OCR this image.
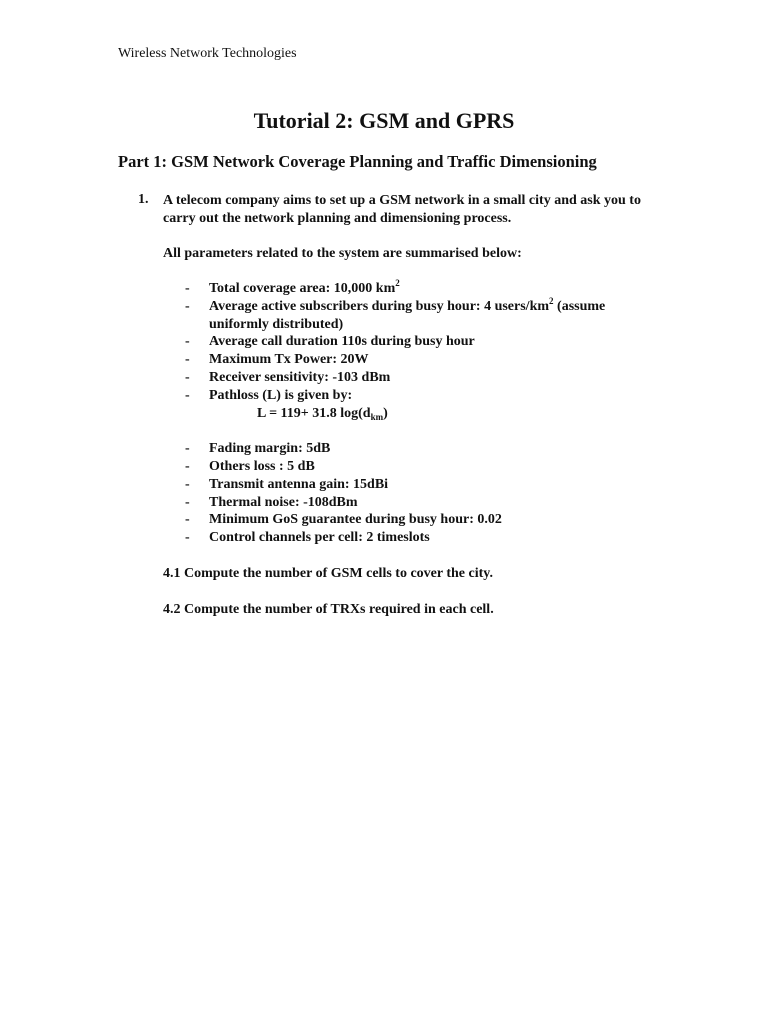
Wireless Network Technologies
Tutorial 2: GSM and GPRS
Part 1: GSM Network Coverage Planning and Traffic Dimensioning
1. A telecom company aims to set up a GSM network in a small city and ask you to carry out the network planning and dimensioning process.
All parameters related to the system are summarised below:
- Total coverage area: 10,000 $km^2$
- Average active subscribers during busy hour: 4 users/$km^2$ (assume uniformly distributed)
- Average call duration 110s during busy hour
- Maximum Tx Power: 20W
- Receiver sensitivity: -103 dBm
- Pathloss (L) is given by:
L = 119+ 31.8 $\log(d_{km})$
- Fading margin: 5dB
- Others loss : 5 dB
- Transmit antenna gain: 15dBi
- Thermal noise: -108dBm
- Minimum GoS guarantee during busy hour: 0.02
- Control channels per cell: 2 timeslots
4.1 Compute the number of GSM cells to cover the city.
4.2 Compute the number of TRXs required in each cell.
